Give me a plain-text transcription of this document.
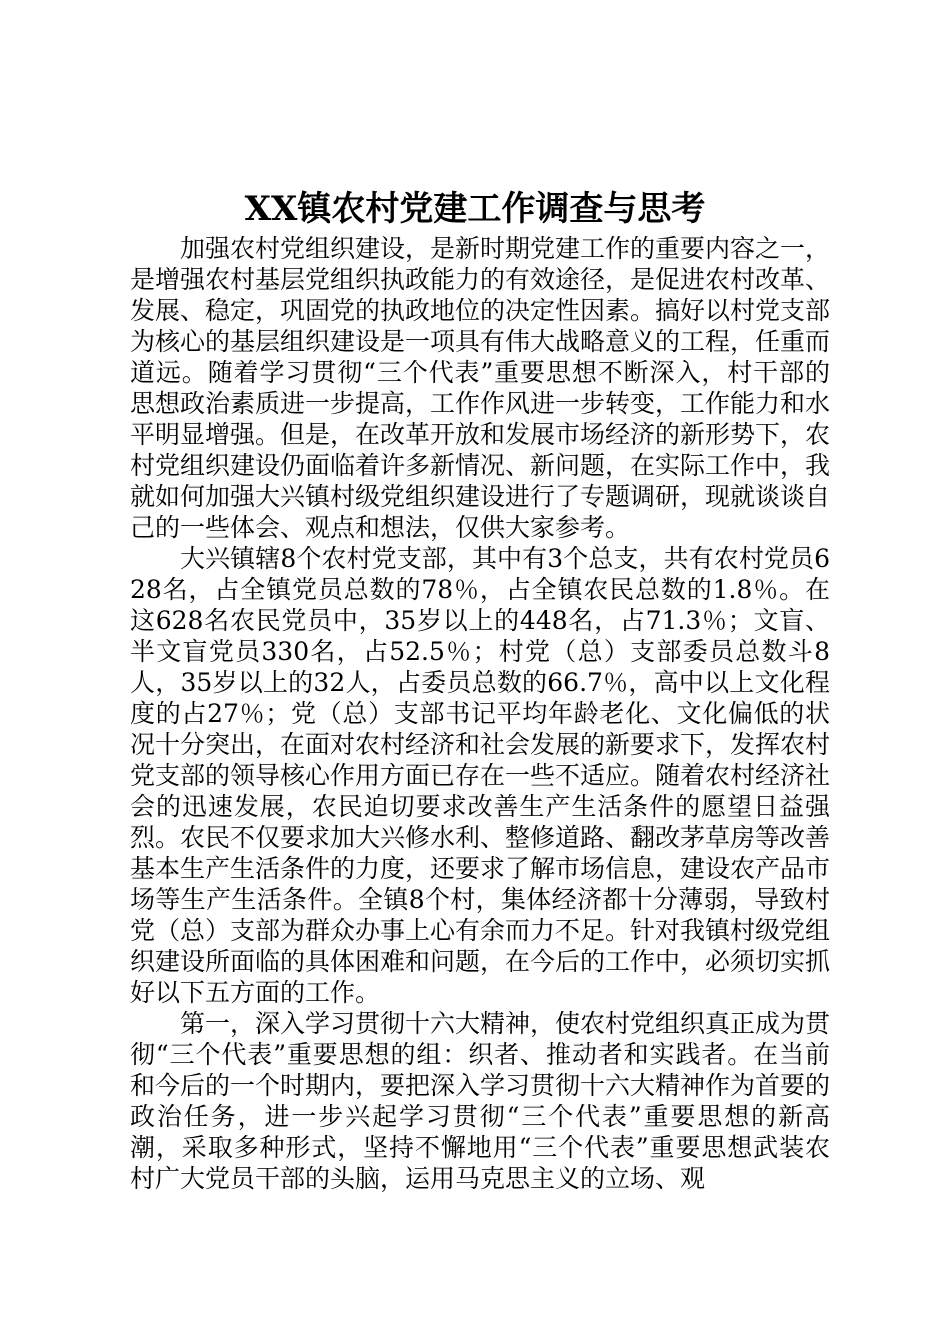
XX镇农村党建工作调查与思考

加强农村党组织建设，是新时期党建工作的重要内容之一，是增强农村基层党组织执政能力的有效途径，是促进农村改革、发展、稳定，巩固党的执政地位的决定性因素。搞好以村党支部为核心的基层组织建设是一项具有伟大战略意义的工程，任重而道远。随着学习贯彻“三个代表”重要思想不断深入，村干部的思想政治素质进一步提高，工作作风进一步转变，工作能力和水平明显增强。但是，在改革开放和发展市场经济的新形势下，农村党组织建设仍面临着许多新情况、新问题，在实际工作中，我就如何加强大兴镇村级党组织建设进行了专题调研，现就谈谈自己的一些体会、观点和想法，仅供大家参考。

大兴镇辖8个农村党支部，其中有3个总支，共有农村党员628名，占全镇党员总数的78％，占全镇农民总数的1.8％。在这628名农民党员中，35岁以上的448名，占71.3％；文盲、半文盲党员330名，占52.5％；村党（总）支部委员总数斗8人，35岁以上的32人，占委员总数的66.7％，高中以上文化程度的占27％；党（总）支部书记平均年龄老化、文化偏低的状况十分突出，在面对农村经济和社会发展的新要求下，发挥农村党支部的领导核心作用方面已存在一些不适应。随着农村经济社会的迅速发展，农民迫切要求改善生产生活条件的愿望日益强烈。农民不仅要求加大兴修水利、整修道路、翻改茅草房等改善基本生产生活条件的力度，还要求了解市场信息，建设农产品市场等生产生活条件。全镇8个村，集体经济都十分薄弱，导致村党（总）支部为群众办事上心有余而力不足。针对我镇村级党组织建设所面临的具体困难和问题，在今后的工作中，必须切实抓好以下五方面的工作。

第一，深入学习贯彻十六大精神，使农村党组织真正成为贯彻“三个代表”重要思想的组：织者、推动者和实践者。在当前和今后的一个时期内，要把深入学习贯彻十六大精神作为首要的政治任务，进一步兴起学习贯彻“三个代表”重要思想的新高潮，采取多种形式，坚持不懈地用“三个代表”重要思想武装农村广大党员干部的头脑，运用马克思主义的立场、观
